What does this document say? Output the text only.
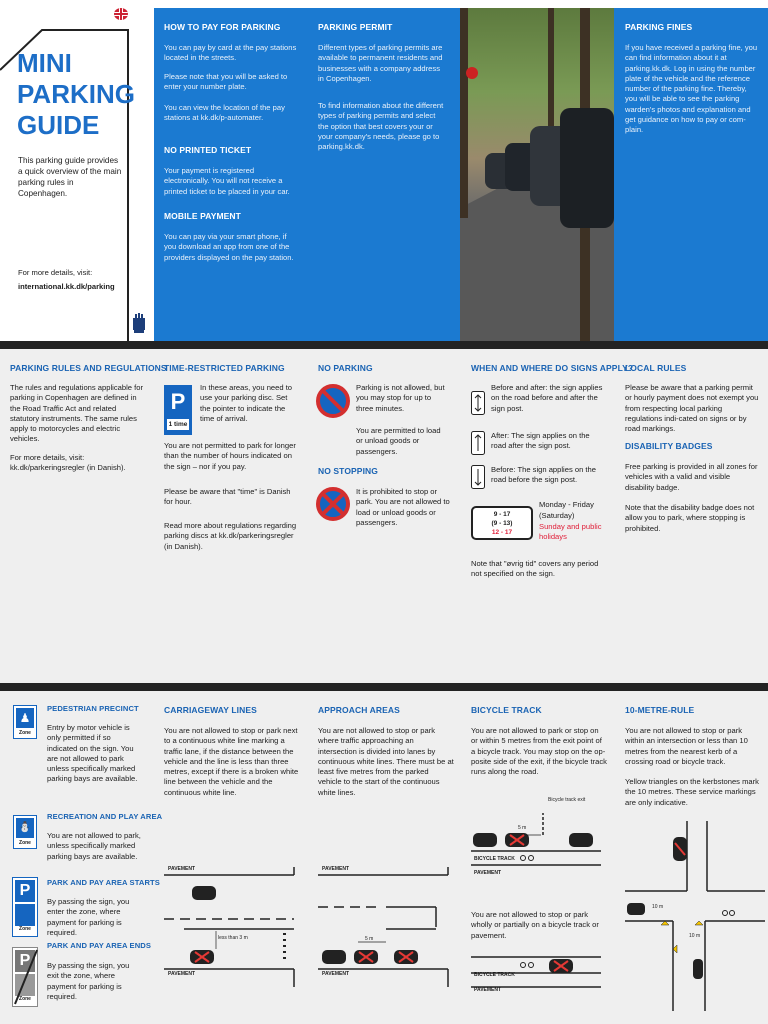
MINI
PARKING
GUIDE
This parking guide provides a quick overview of the main parking rules in Copenhagen.
For more details, visit:
international.kk.dk/parking
HOW TO PAY FOR PARKING
You can pay by card at the pay stations located in the streets.
Please note that you will be asked to enter your number plate.
You can view the location of the pay stations at kk.dk/p-automater.
NO PRINTED TICKET
Your payment is registered electronically. You will not receive a printed ticket to be placed in your car.
MOBILE PAYMENT
You can pay via your smart phone, if you download an app from one of the providers displayed on the pay station.
PARKING PERMIT
Different types of parking permits are available to permanent residents and businesses with a company address in Copenhagen.
To find information about the different types of parking permits and select the option that best covers your or your company's needs, please go to parking.kk.dk.
PARKING FINES
If you have received a parking fine, you can find information about it at parking.kk.dk. Log in using the number plate of the vehicle and the reference number of the parking fine. Thereby, you will be able to see the parking warden's photos and explanation and get guidance on how to pay or com-plain.
PARKING RULES AND REGULATIONS
The rules and regulations applicable for parking in Copenhagen are defined in the Road Traffic Act and related statutory instruments. The same rules apply to motorcycles and electric vehicles.
For more details, visit: kk.dk/parkeringsregler (in Danish).
TIME-RESTRICTED PARKING
P
1 time
In these areas, you need to use your parking disc. Set the pointer to indicate the time of arrival.
You are not permitted to park for longer than the number of hours indicated on the sign – nor if you pay.
Please be aware that "time" is Danish for hour.
Read more about regulations regarding parking discs at kk.dk/parkeringsregler (in Danish).
NO PARKING
Parking is not allowed, but you may stop for up to three minutes.
You are permitted to load or unload goods or passengers.
NO STOPPING
It is prohibited to stop or park. You are not allowed to load or unload goods or passengers.
WHEN AND WHERE DO SIGNS APPLY?
Before and after: the sign applies on the road before and after the sign post.
After: The sign applies on the road after the sign post.
Before: The sign applies on the road before the sign post.
9 - 17
(9 - 13)
12 - 17
Monday - Friday
(Saturday)
Sunday and public holidays
Note that "øvrig tid" covers any period not specified on the sign.
LOCAL RULES
Please be aware that a parking permit or hourly payment does not exempt you from respecting local parking regulations indi-cated on signs or by road markings.
DISABILITY BADGES
Free parking is provided in all zones for vehicles with a valid and visible disability badge.
Note that the disability badge does not allow you to park, where stopping is prohibited.
♟
Zone
PEDESTRIAN PRECINCT
Entry by motor vehicle is only permitted if so indicated on the sign. You are not allowed to park unless specifically marked parking bays are available.
⛄
Zone
RECREATION AND PLAY AREA
You are not allowed to park, unless specifically marked parking bays are available.
P
Zone
PARK AND PAY AREA STARTS
By passing the sign, you enter the zone, where payment for parking is required.
P
Zone
PARK AND PAY AREA ENDS
By passing the sign, you exit the zone, where payment for parking is required.
CARRIAGEWAY LINES
You are not allowed to stop or park next to a continuous white line marking a traffic lane, if the distance between the vehicle and the line is less than three metres, except if there is a broken white line between the vehicle and the continuous white line.
PAVEMENT
PAVEMENT
less than 3 m
APPROACH AREAS
You are not allowed to stop or park where traffic approaching an intersection is divided into lanes by continuous white lines. There must be at least five metres from the parked vehicle to the start of the continuous white lines.
PAVEMENT
PAVEMENT
5 m
BICYCLE TRACK
You are not allowed to park or stop on or within 5 metres from the exit point of a bicycle track. You may stop on the op-posite side of the exit, if the bicycle track runs along the road.
Bicycle track exit
5 m
BICYCLE TRACK
PAVEMENT
You are not allowed to stop or park wholly or partially on a bicycle track or pavement.
BICYCLE TRACK
PAVEMENT
10-METRE-RULE
You are not allowed to stop or park within an intersection or less than 10 metres from the nearest kerb of a crossing road or bicycle track.
Yellow triangles on the kerbstones mark the 10 metres. These service markings are only indicative.
10 m
10 m
